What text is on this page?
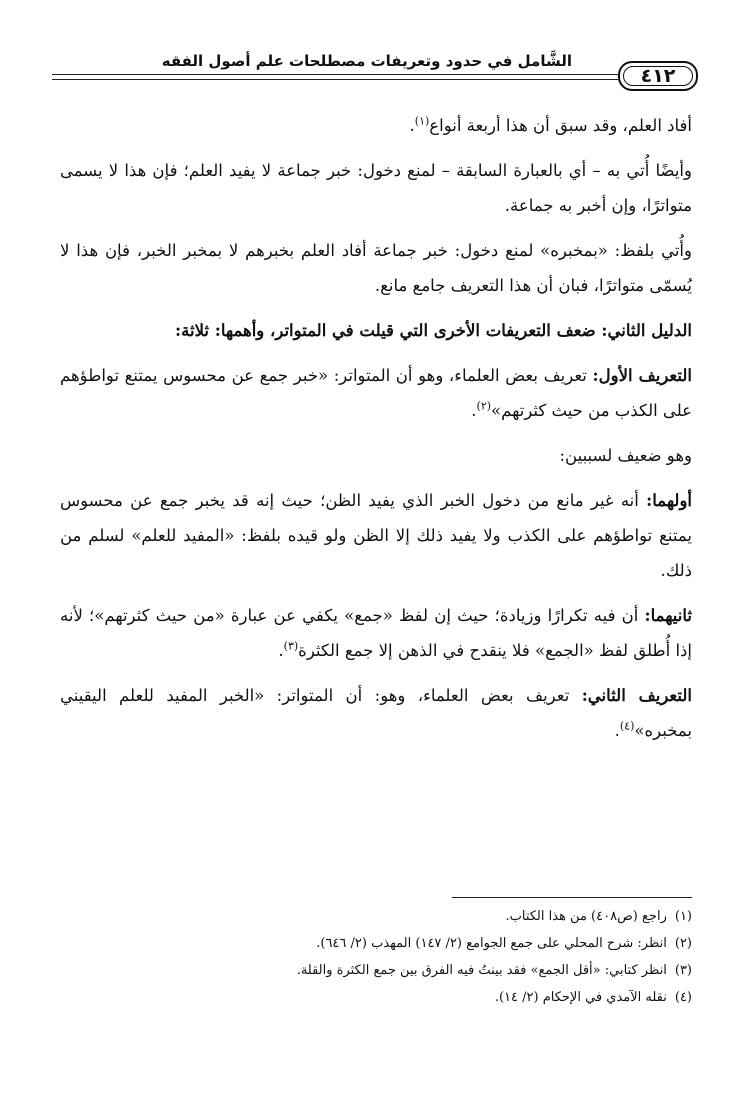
الشَّامل في حدود وتعريفات مصطلحات علم أصول الفقه
٤١٢

أفاد العلم، وقد سبق أن هذا أربعة أنواع$^{(١)}$.

وأيضًا أُتي به – أي بالعبارة السابقة – لمنع دخول: خبر جماعة لا يفيد العلم؛ فإن هذا لا يسمى متواترًا، وإن أخبر به جماعة.

وأُتي بلفظ: «بمخبره» لمنع دخول: خبر جماعة أفاد العلم بخبرهم لا بمخبر الخبر، فإن هذا لا يُسمّى متواترًا، فبان أن هذا التعريف جامع مانع.

الدليل الثاني: ضعف التعريفات الأخرى التي قيلت في المتواتر، وأهمها: ثلاثة:

التعريف الأول: تعريف بعض العلماء، وهو أن المتواتر: «خبر جمع عن محسوس يمتنع تواطؤهم على الكذب من حيث كثرتهم»$^{(٢)}$.

وهو ضعيف لسببين:

أولهما: أنه غير مانع من دخول الخبر الذي يفيد الظن؛ حيث إنه قد يخبر جمع عن محسوس يمتنع تواطؤهم على الكذب ولا يفيد ذلك إلا الظن ولو قيده بلفظ: «المفيد للعلم» لسلم من ذلك.

ثانيهما: أن فيه تكرارًا وزيادة؛ حيث إن لفظ «جمع» يكفي عن عبارة «من حيث كثرتهم»؛ لأنه إذا أُطلق لفظ «الجمع» فلا ينقدح في الذهن إلا جمع الكثرة$^{(٣)}$.

التعريف الثاني: تعريف بعض العلماء، وهو: أن المتواتر: «الخبر المفيد للعلم اليقيني بمخبره»$^{(٤)}$.

(١)راجع (ص٤٠٨) من هذا الكتاب.
(٢)انظر: شرح المحلي على جمع الجوامع (٢/ ١٤٧) المهذب (٢/ ٦٤٦).
(٣)انظر كتابي: «أقل الجمع» فقد بينتُ فيه الفرق بين جمع الكثرة والقلة.
(٤)نقله الآمدي في الإحكام (٢/ ١٤).
